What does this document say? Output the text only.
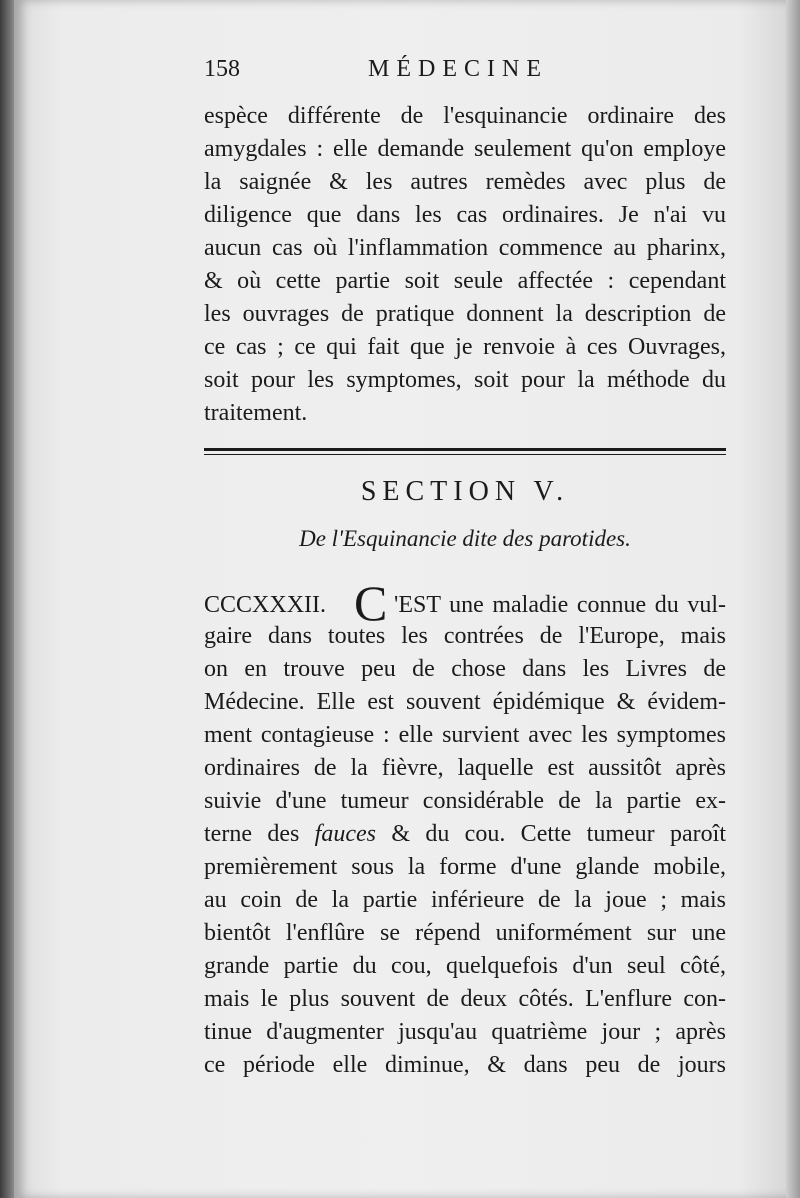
158	MÉDECINE
espèce différente de l'esquinancie ordinaire des
amygdales : elle demande seulement qu'on employe
la saignée & les autres remèdes avec plus de
diligence que dans les cas ordinaires. Je n'ai vu
aucun cas où l'inflammation commence au pharinx,
& où cette partie soit seule affectée : cependant
les ouvrages de pratique donnent la description de
ce cas ; ce qui fait que je renvoie à ces Ouvrages,
soit pour les symptomes, soit pour la méthode du
traitement.
SECTION V.
De l'Esquinancie dite des parotides.
CCCXXXII. C 'EST une maladie connue du vul-
gaire dans toutes les contrées de l'Europe, mais
on en trouve peu de chose dans les Livres de
Médecine. Elle est souvent épidémique & évidem-
ment contagieuse : elle survient avec les symptomes
ordinaires de la fièvre, laquelle est aussitôt après
suivie d'une tumeur considérable de la partie ex-
terne des fauces & du cou. Cette tumeur paroît
premièrement sous la forme d'une glande mobile,
au coin de la partie inférieure de la joue ; mais
bientôt l'enflûre se répend uniformément sur une
grande partie du cou, quelquefois d'un seul côté,
mais le plus souvent de deux côtés. L'enflure con-
tinue d'augmenter jusqu'au quatrième jour ; après
ce période elle diminue, & dans peu de jours
